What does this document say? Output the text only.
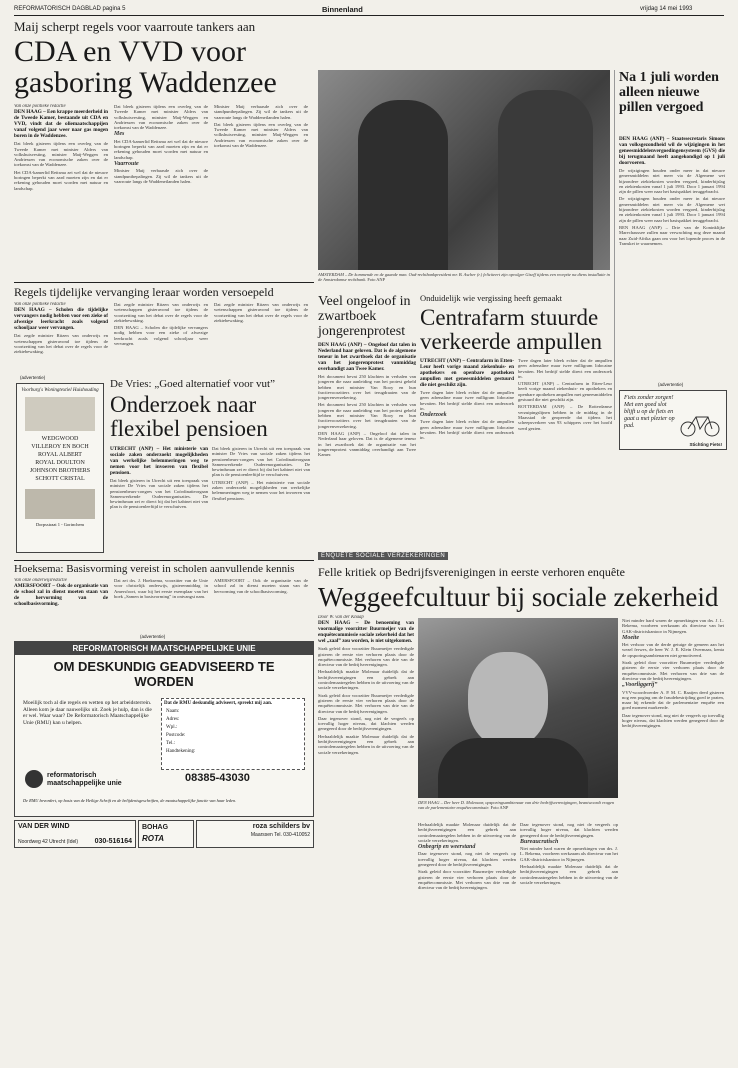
REFORMATORISCH DAGBLAD pagina 5	Binnenland	vrijdag 14 mei 1993
Maij scherpt regels voor vaarroute tankers aan
CDA en VVD voor
gasboring Waddenzee
Van onze politieke redactie

DEN HAAG – Een krappe meerderheid in de Tweede Kamer, bestaande uit CDA en VVD, vindt dat de oliemaatschappijen vanaf volgend jaar weer naar gas mogen boren in de Waddenzee.

Dat bleek gisteren tijdens een overleg van de Tweede Kamer met minister Alders van volkshuisvesting, minister Maij-Weggen en Andriessen van economische zaken over de toekomst van de Waddenzee.

Het CDA-kamerlid Reitsma zei wel dat de nieuwe boringen beperkt van aard moeten zijn en dat er rekening gehouden moet worden met natuur en landschap.

Dat bleek gisteren tijdens een overleg van de Tweede Kamer met minister Alders van volkshuisvesting, minister Maij-Weggen en Andriessen van economische zaken over de toekomst van de Waddenzee.

Mes

Het CDA-kamerlid Reitsma zei wel dat de nieuwe boringen beperkt van aard moeten zijn en dat er rekening gehouden moet worden met natuur en landschap.

Vaarroute

Minister Maij verbaasde zich over de standpuntbepalingen. Zij wil de tankers uit de vaarroute langs de Waddeneilanden halen.

Minister Maij verbaasde zich over de standpuntbepalingen. Zij wil de tankers uit de vaarroute langs de Waddeneilanden halen.

Dat bleek gisteren tijdens een overleg van de Tweede Kamer met minister Alders van volkshuisvesting, minister Maij-Weggen en Andriessen van economische zaken over de toekomst van de Waddenzee.

AMSTERDAM – De kommende en de gaande man. Oud-rechtbankpresident mr. B. Ascher (r.) feliciteert zijn opvolger Giseff tijdens een receptie na diens installatie in de Amsterdamse rechtbank. Foto ANP
Na 1 juli worden alleen nieuwe pillen vergoed

DEN HAAG (ANP) – Staatssecretaris Simons van volksgezondheid wil de wijzigingen in het geneesmiddelenvergoedingensysteem (GVS) die bij terugmaand heeft aangekondigd op 1 juli doorvoeren.

De wijzigingen houden onder meer in dat nieuwe geneesmiddelen niet meer via de Algemene wet bijzondere ziektekosten worden vergoed, kinderbijslag en ziektenkosten vanaf 1 juli 1993. Door 1 januari 1994 zijn de pillen weer naar het basispakket teruggebracht.

De wijzigingen houden onder meer in dat nieuwe geneesmiddelen niet meer via de Algemene wet bijzondere ziektekosten worden vergoed, kinderbijslag en ziektenkosten vanaf 1 juli 1993. Door 1 januari 1994 zijn de pillen weer naar het basispakket teruggebracht.

BEN HAAG (ANP) – Drie van de Koninklijke Marechaussee zullen naar verwachting nog deze maand naar Zuid-Afrika gaan om voor het lopende proces in de Transkei te waarnemen.

(advertentie)
Fiets zonder zorgen! Met een goed slot blijft u op de fiets en gaat u met plezier op pad.
Stichting Fiets!
Veel ongeloof in zwartboek jongerenprotest

DEN HAAG (ANP) – Ongeloof dat talen in Nederland haar geloven. Dat is de algemene teneur in het zwartboek dat de organisatie van het jongerenprotest vanmiddag overhandigt aan Twee Kamer.

Het document bevat 250 klachten in verhalen van jongeren die naar aanleiding van het protest gebeld hebben met minister Van Rooy en hun fractievoorzitters over het terugdraaien van de jongerenverzekering.

Het document bevat 250 klachten in verhalen van jongeren die naar aanleiding van het protest gebeld hebben met minister Van Rooy en hun fractievoorzitters over het terugdraaien van de jongerenverzekering.

DEN HAAG (ANP) – Ongeloof dat talen in Nederland haar geloven. Dat is de algemene teneur in het zwartboek dat de organisatie van het jongerenprotest vanmiddag overhandigt aan Twee Kamer.

Onduidelijk wie vergissing heeft gemaakt
Centrafarm stuurde verkeerde ampullen

UTRECHT (ANP) – Centrafarm in Etten-Leur heeft vorige maand ziekenhuis- en apothekers en openbare apotheken ampullen met geneesmiddelen gestuurd die niet geschikt zijn.

Twee dagen later bleek echter dat de ampullen geen adrenaline maar twee milligram lidocaine bevatten. Het bedrijf stelde direct een onderzoek in.

Onderzoek

Twee dagen later bleek echter dat de ampullen geen adrenaline maar twee milligram lidocaine bevatten. Het bedrijf stelde direct een onderzoek in.

Twee dagen later bleek echter dat de ampullen geen adrenaline maar twee milligram lidocaine bevatten. Het bedrijf stelde direct een onderzoek in.

UTRECHT (ANP) – Centrafarm in Etten-Leur heeft vorige maand ziekenhuis- en apothekers en openbare apotheken ampullen met geneesmiddelen gestuurd die niet geschikt zijn.

ROTTERDAM (ANP) – De Rotterdamse verzuipingslijnen hebben in de middag in de Maasstad de geopeerde dat tijdens het scheepsverkeer van 93 schippers over het hoofd werd gezien.

Regels tijdelijke vervanging leraar worden versoepeld
Van onze politieke redactie

DEN HAAG – Scholen die tijdelijke vervangers nodig hebben voor een zieke of afwezige leerkracht zoals volgend schooljaar weer vervangen.

Dat zegde minister Ritzen van onderwijs en wetenschappen gisteravond toe tijdens de voortzetting van het debat over de regels voor de ziektebewaking.

Dat zegde minister Ritzen van onderwijs en wetenschappen gisteravond toe tijdens de voortzetting van het debat over de regels voor de ziektebewaking.

DEN HAAG – Scholen die tijdelijke vervangers nodig hebben voor een zieke of afwezige leerkracht zoals volgend schooljaar weer vervangen.

Dat zegde minister Ritzen van onderwijs en wetenschappen gisteravond toe tijdens de voortzetting van het debat over de regels voor de ziektebewaking.

(advertentie)
Voorburg's Woningtextiel Huishouding
WEDGWOOD
VILLEROY EN BOCH
ROYAL ALBERT
ROYAL DOULTON
JOHNSON BROTHERS
SCHOTT CRISTAL
Dorpsstraat 1 - Gorinchem
De Vries: „Goed alternatief voor vut”
Onderzoek naar flexibel pensioen

UTRECHT (ANP) – Het ministerie van sociale zaken onderzoekt mogelijkheden van werkelijke belemmeringen weg te nemen voor het invoeren van flexibel pensioen.

Dat bleek gisteren in Utrecht uit een toespraak van minister De Vries van sociale zaken tijdens het pensioenbeurs-congres van het Coördinatieorgaan Samenwerkende Ouderenorganisaties. De bewindsman zei er direct bij dat het kabinet niet van plan is de pensioenleeftijd te verschuiven.

Dat bleek gisteren in Utrecht uit een toespraak van minister De Vries van sociale zaken tijdens het pensioenbeurs-congres van het Coördinatieorgaan Samenwerkende Ouderenorganisaties. De bewindsman zei er direct bij dat het kabinet niet van plan is de pensioenleeftijd te verschuiven.

UTRECHT (ANP) – Het ministerie van sociale zaken onderzoekt mogelijkheden van werkelijke belemmeringen weg te nemen voor het invoeren van flexibel pensioen.

Hoeksema: Basisvorming vereist in scholen aanvullende kennis
Van onze onderwijsredactie

AMERSFOORT – Ook de organisatie van de school zal in dienst moeten staan van de hervorming van de schoolbasisvorming.

Dat zei drs. J. Hoeksema, voorzitter van de Unie voor christelijk onderwijs, gisterenmiddag in Amersfoort, waar hij het eerste exemplaar van het boek „Samen in basisvorming” in ontvangst nam.

AMERSFOORT – Ook de organisatie van de school zal in dienst moeten staan van de hervorming van de schoolbasisvorming.

(advertentie)
REFORMATORISCH MAATSCHAPPELIJKE UNIE
OM DESKUNDIG GEADVISEERD TE
WORDEN
Moeilijk toch al die regels en wetten op het arbeidsterrein. Alleen kom je daar nauwelijks uit. Zoek je hulp, dan is die er wel. Waar waar? De Reformatorisch Maatschappelijke Unie (RMU) kan u helpen.
Dat de RMU deskundig adviseert, spreekt mij aan.
Naam:
Adres:
Wpl.:
Postcode:
Tel.:
Handtekening:
reformatorisch maatschappelijke unie	08385-43030
De RMU bevordert, op basis van de Heilige Schrift en de belijdenisgeschriften, de maatschappelijke functie van haar leden.
VAN DER WIND
Noordweg 42 Utrecht (Idel) 030-516164
BOHAG
ROTA
roza schilders bv
Maarssen Tel. 030-410052
ENQUÊTE SOCIALE VERZEKERINGEN
Felle kritiek op Bedrijfsverenigingen in eerste verhoren enquête
Weggeefcultuur bij sociale zekerheid
Door W. van der Knaap

DEN HAAG – De benoeming van voormalige voorzitter Buurmeijer van de enquêtecommissie sociale zekerheid dat het wel „zaal” zou worden, is niet uitgekomen.

Strak geleid door voorzitter Buurmeijer verdedigde gisteren de eerste vier verhoren plaats door de enquêtecommissie. Met verhoren van drie van de directeur van de bedrijfsverenigingen.

Herhaaldelijk maakte Molenaar duidelijk dat de bedrijfsverenigingen een gebrek aan controlemaatregelen hebben in de uitvoering van de sociale verzekeringen.

Strak geleid door voorzitter Buurmeijer verdedigde gisteren de eerste vier verhoren plaats door de enquêtecommissie. Met verhoren van drie van de directeur van de bedrijfsverenigingen.

Daar tegenover stond, nog niet de vergeefs op toevallig hoger niveau, dat klachten werden genegeerd door de bedrijfsverenigingen.

Herhaaldelijk maakte Molenaar duidelijk dat de bedrijfsverenigingen een gebrek aan controlemaatregelen hebben in de uitvoering van de sociale verzekeringen.

DEN HAAG – Der heer D. Molenaar, opsporingsambtenaar van drie bedrijfsverenigingen, beantwoordt vragen van de parlementaire enquêtecommissie. Foto ANP

Herhaaldelijk maakte Molenaar duidelijk dat de bedrijfsverenigingen een gebrek aan controlemaatregelen hebben in de uitvoering van de sociale verzekeringen.

Onbegrip en weerstand

Daar tegenover stond, nog niet de vergeefs op toevallig hoger niveau, dat klachten werden genegeerd door de bedrijfsverenigingen.

Strak geleid door voorzitter Buurmeijer verdedigde gisteren de eerste vier verhoren plaats door de enquêtecommissie. Met verhoren van drie van de directeur van de bedrijfsverenigingen.

Daar tegenover stond, nog niet de vergeefs op toevallig hoger niveau, dat klachten werden genegeerd door de bedrijfsverenigingen.

Bureaucratisch

Niet minder hard waren de opmerkingen van drs. J. L. Bekema, voorheen werkzaam als directeur van het GAK-districtskantoor in Nijmegen.

Herhaaldelijk maakte Molenaar duidelijk dat de bedrijfsverenigingen een gebrek aan controlemaatregelen hebben in de uitvoering van de sociale verzekeringen.

Niet minder hard waren de opmerkingen van drs. J. L. Bekema, voorheen werkzaam als directeur van het GAK-districtskantoor in Nijmegen.

Moeite

Het verhoor van de derde getuige de gemeen aan het wezel ferwes, de heer W. J. E. Klein Overmaas, kenta de opsporingsambtenaren niet gemotiveerd.

Strak geleid door voorzitter Buurmeijer verdedigde gisteren de eerste vier verhoren plaats door de enquêtecommissie. Met verhoren van drie van de directeur van de bedrijfsverenigingen.

„Voorliggerij”

VVV-woordvoerder A. P. M. C. Raaijen deed gisteren nog een poging om de fraudebestrijding goed te praten, maar hij erkende dat de parlementaire enquête een goed moment markeerde.

Daar tegenover stond, nog niet de vergeefs op toevallig hoger niveau, dat klachten werden genegeerd door de bedrijfsverenigingen.
